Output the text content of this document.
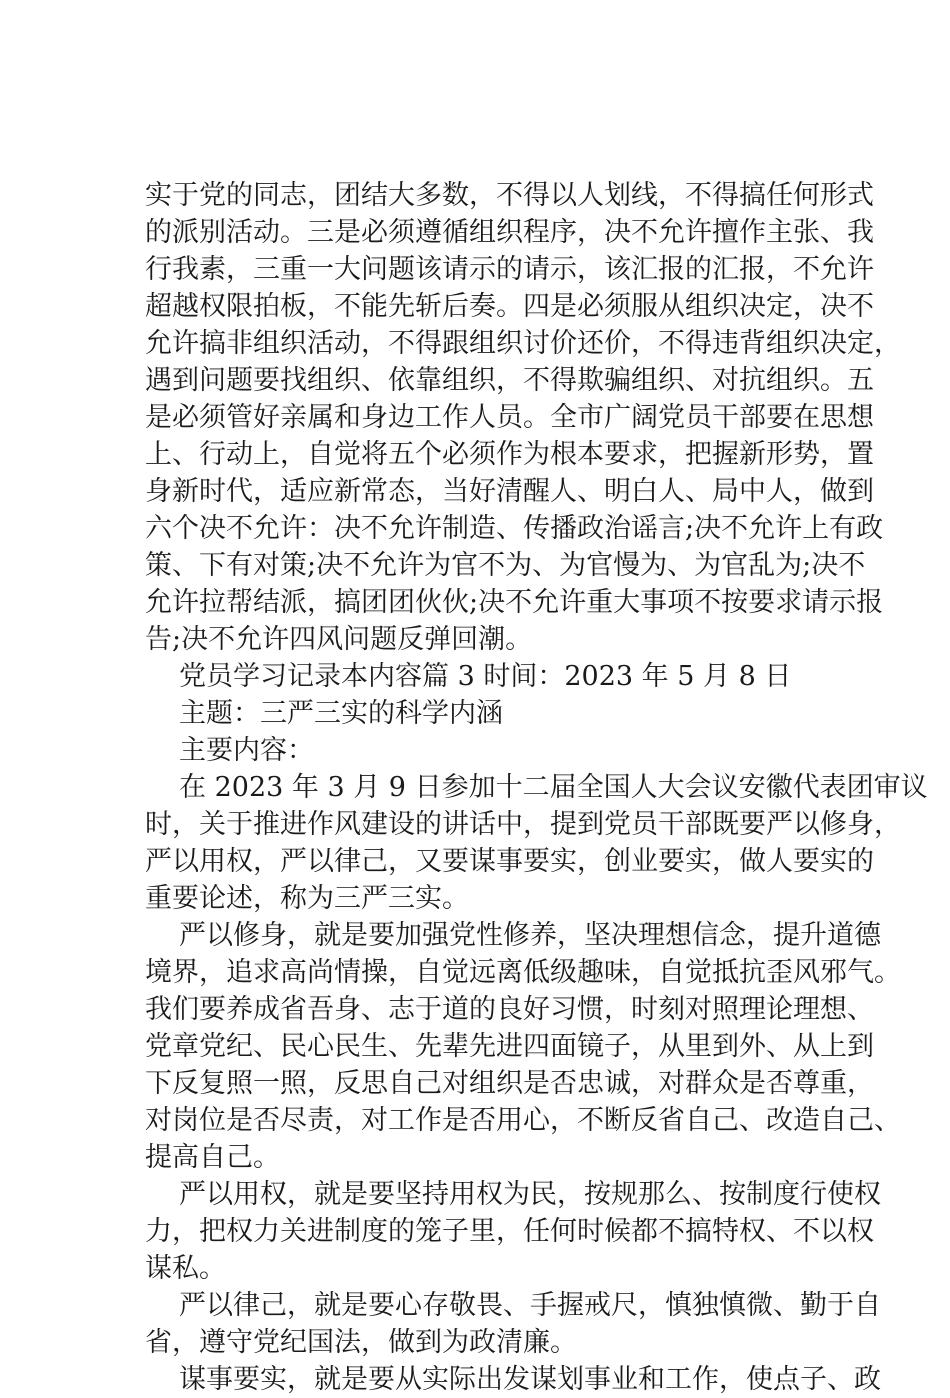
实于党的同志，团结大多数，不得以人划线，不得搞任何形式
的派别活动。三是必须遵循组织程序，决不允许擅作主张、我
行我素，三重一大问题该请示的请示，该汇报的汇报，不允许
超越权限拍板，不能先斩后奏。四是必须服从组织决定，决不
允许搞非组织活动，不得跟组织讨价还价，不得违背组织决定，
遇到问题要找组织、依靠组织，不得欺骗组织、对抗组织。五
是必须管好亲属和身边工作人员。全市广阔党员干部要在思想
上、行动上，自觉将五个必须作为根本要求，把握新形势，置
身新时代，适应新常态，当好清醒人、明白人、局中人，做到
六个决不允许：决不允许制造、传播政治谣言;决不允许上有政
策、下有对策;决不允许为官不为、为官慢为、为官乱为;决不
允许拉帮结派，搞团团伙伙;决不允许重大事项不按要求请示报
告;决不允许四风问题反弹回潮。
党员学习记录本内容篇 3 时间：2023 年 5 月 8 日
主题：三严三实的科学内涵
主要内容：
在 2023 年 3 月 9 日参加十二届全国人大会议安徽代表团审议
时，关于推进作风建设的讲话中，提到党员干部既要严以修身，
严以用权，严以律己，又要谋事要实，创业要实，做人要实的
重要论述，称为三严三实。
严以修身，就是要加强党性修养，坚决理想信念，提升道德
境界，追求高尚情操，自觉远离低级趣味，自觉抵抗歪风邪气。
我们要养成省吾身、志于道的良好习惯，时刻对照理论理想、
党章党纪、民心民生、先辈先进四面镜子，从里到外、从上到
下反复照一照，反思自己对组织是否忠诚，对群众是否尊重，
对岗位是否尽责，对工作是否用心，不断反省自己、改造自己、
提高自己。
严以用权，就是要坚持用权为民，按规那么、按制度行使权
力，把权力关进制度的笼子里，任何时候都不搞特权、不以权
谋私。
严以律己，就是要心存敬畏、手握戒尺，慎独慎微、勤于自
省，遵守党纪国法，做到为政清廉。
谋事要实，就是要从实际出发谋划事业和工作，使点子、政
